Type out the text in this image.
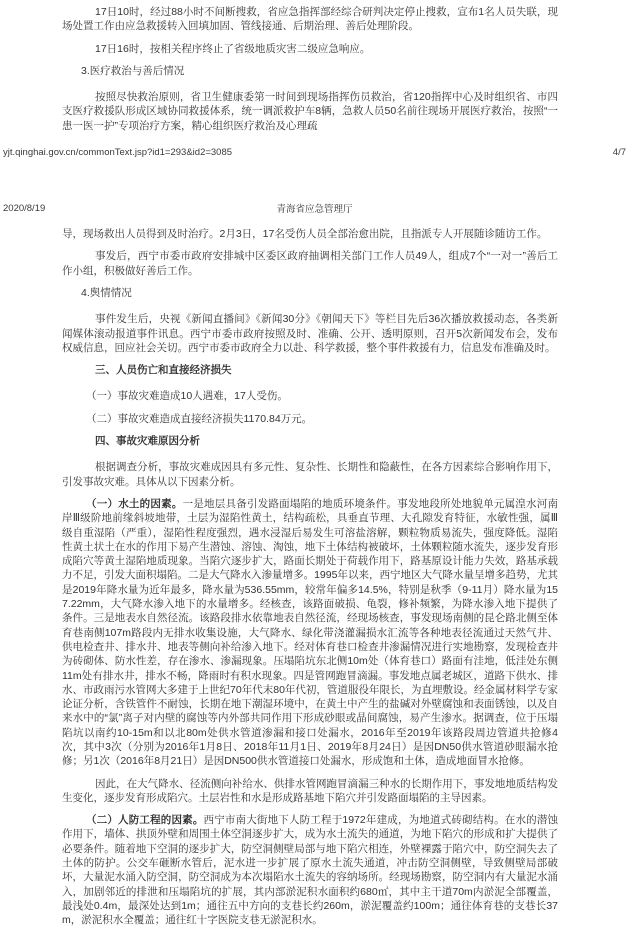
17日10时，经过88小时不间断搜救，省应急指挥部经综合研判决定停止搜救，宣布1名人员失联，现场处置工作由应急救援转入回填加固、管线接通、后期治理、善后处理阶段。

17日16时，按相关程序终止了省级地质灾害二级应急响应。

3.医疗救治与善后情况

按照尽快救治原则，省卫生健康委第一时间到现场指挥伤员救治，省120指挥中心及时组织省、市四支医疗救援队形成区域协同救援体系，统一调派救护车8辆，急救人员50名前往现场开展医疗救治，按照“一患一医一护”专项治疗方案，精心组织医疗救治及心理疏

yjt.qinghai.gov.cn/commonText.jsp?id1=293&id2=3085	4/7
2020/8/19	青海省应急管理厅

导，现场救出人员得到及时治疗。2月3日，17名受伤人员全部治愈出院，且指派专人开展随诊随访工作。

事发后，西宁市委市政府安排城中区委区政府抽调相关部门工作人员49人，组成7个“一对一”善后工作小组，积极做好善后工作。

4.舆情情况

事件发生后，央视《新闻直播间》《新闻30分》《朝闻天下》等栏目先后36次播放救援动态，各类新闻媒体滚动报道事件讯息。西宁市委市政府按照及时、准确、公开、透明原则，召开5次新闻发布会，发布权威信息，回应社会关切。西宁市委市政府全力以赴、科学救援，整个事件救援有力，信息发布准确及时。

三、人员伤亡和直接经济损失

（一）事故灾难造成10人遇难，17人受伤。

（二）事故灾难造成直接经济损失1170.84万元。

四、事故灾难原因分析

根据调查分析，事故灾难成因具有多元性、复杂性、长期性和隐蔽性，在各方因素综合影响作用下，引发事故灾难。具体从以下因素分析。

（一）水土的因素。一是地层具备引发路面塌陷的地质环境条件。事发地段所处地貌单元属湟水河南岸Ⅲ级阶地前缘斜坡地带，土层为湿陷性黄土，结构疏松，具垂直节理、大孔隙发育特征，水敏性强，属Ⅲ级自重湿陷（严重），湿陷性程度强烈，遇水浸湿后易发生可溶盐溶解，颗粒物质易流失，强度降低。湿陷性黄土状土在水的作用下易产生潜蚀、溶蚀、淘蚀，地下土体结构被破坏，土体颗粒随水流失，逐步发育形成陷穴等黄土湿陷地质现象。当陷穴逐步扩大，路面长期处于荷载作用下，路基原设计能力失效，路基承载力不足，引发大面积塌陷。二是大气降水入渗量增多。1995年以来，西宁地区大气降水量呈增多趋势，尤其是2019年降水量为近年最多，降水量为536.55mm，较常年偏多14.5%，特别是秋季（9-11月）降水量为157.22mm，大气降水渗入地下的水量增多。经核查，该路面破损、龟裂，修补频繁，为降水渗入地下提供了条件。三是地表水自然径流。该路段排水依靠地表自然径流，经现场核查，事发现场南侧的昆仑路北侧至体育巷南侧107m路段内无排水收集设施，大气降水、绿化带浇灌漏损水汇流等各种地表径流通过天然气井、供电检查井、排水井、地表等侧向补给渗入地下。经对体育巷口检查井渗漏情况进行实地勘察，发现检查井为砖砌体、防水性差，存在渗水、渗漏现象。压塌陷坑东北侧10m处（体育巷口）路面有洼地，低洼处东侧11m处有排水井，排水不畅，降雨时有积水现象。四是管网跑冒滴漏。事发地点属老城区，道路下供水、排水、市政雨污水管网大多建于上世纪70年代末80年代初，管道服役年限长，为直埋敷设。经金属材料学专家论证分析，含铁管件不耐蚀，长期在地下潮湿环境中，在黄土中产生的盐碱对外壁腐蚀和表面锈蚀，以及自来水中的“氯”离子对内壁的腐蚀等内外部共同作用下形成砂眼或晶间腐蚀，易产生渗水。据调查，位于压塌陷坑以南约10-15m和以北80m处供水管道渗漏和接口处漏水，2016年至2019年该路段周边管道共抢修4次，其中3次（分别为2016年1月8日、2018年11月1日、2019年8月24日）是因DN50供水管道砂眼漏水抢修；另1次（2016年8月21日）是因DN500供水管道接口处漏水，形成饱和土体，造成地面冒水抢修。

因此，在大气降水、径流侧向补给水、供排水管网跑冒滴漏三种水的长期作用下，事发地地质结构发生变化，逐步发育形成陷穴。土层岩性和水是形成路基地下陷穴并引发路面塌陷的主导因素。

（二）人防工程的因素。西宁市南大街地下人防工程于1972年建成，为地道式砖砌结构。在水的潜蚀作用下，墙体、拱顶外壁和周围土体空洞逐步扩大，成为水土流失的通道，为地下陷穴的形成和扩大提供了必要条件。随着地下空洞的逐步扩大，防空洞侧壁局部与地下陷穴相连，外壁裸露于陷穴中，防空洞失去了土体的防护。公交车砸断水管后，泥水进一步扩展了原水土流失通道，冲击防空洞侧壁，导致侧壁局部破坏，大量泥水涌入防空洞，防空洞成为本次塌陷水土流失的容纳场所。经现场勘察，防空洞内有大量泥水涌入，加剧邻近的排泄和压塌陷坑的扩展，其内部淤泥积水面积约680㎡，其中主干道70m内淤泥全部覆盖，最浅处0.4m，最深处达到1m；通往五中方向的支巷长约260m，淤泥覆盖约100m；通往体育巷的支巷长37m，淤泥积水全覆盖；通往红十字医院支巷无淤泥积水。
